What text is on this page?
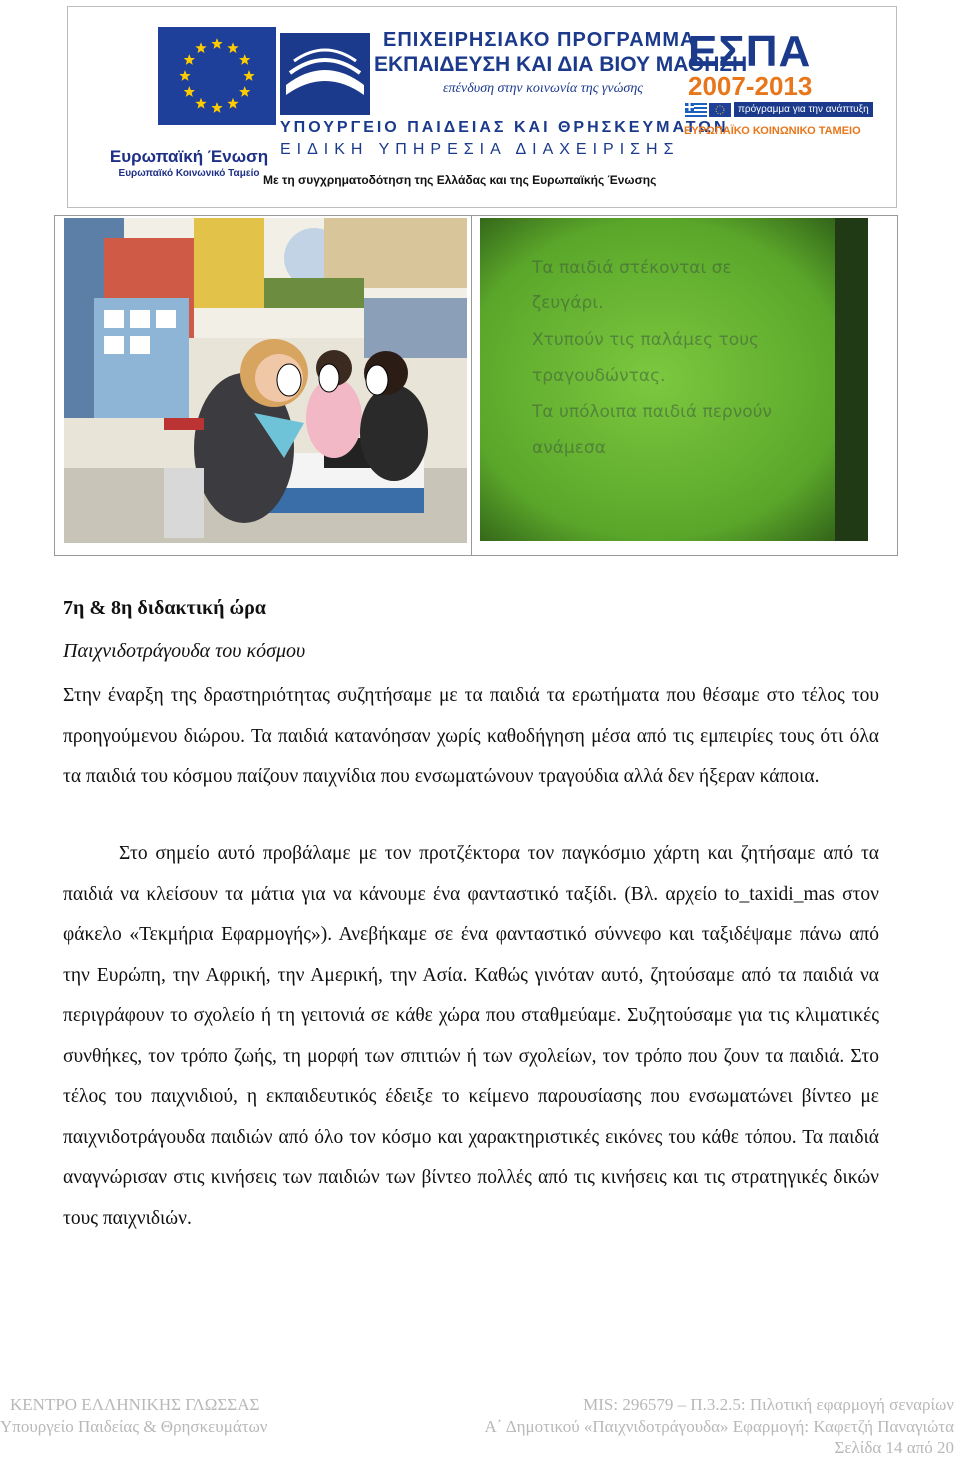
Ευρωπαϊκή Ένωση
Ευρωπαϊκό Κοινωνικό Ταμείο
ΕΠΙΧΕΙΡΗΣΙΑΚΟ ΠΡΟΓΡΑΜΜΑ
ΕΚΠΑΙΔΕΥΣΗ ΚΑΙ ΔΙΑ ΒΙΟΥ ΜΑΘΗΣΗ
επένδυση στην κοινωνία της γνώσης
ΥΠΟΥΡΓΕΙΟ ΠΑΙΔΕΙΑΣ ΚΑΙ ΘΡΗΣΚΕΥΜΑΤΩΝ
ΕΙΔΙΚΗ ΥΠΗΡΕΣΙΑ ΔΙΑΧΕΙΡΙΣΗΣ
Με τη συγχρηματοδότηση της Ελλάδας και της Ευρωπαϊκής Ένωσης
ΕΣΠΑ
2007-2013
πρόγραμμα για την ανάπτυξη
ΕΥΡΩΠΑΪΚΟ ΚΟΙΝΩΝΙΚΟ ΤΑΜΕΙΟ
Τα παιδιά στέκονται σε
ζευγάρι.
Χτυπούν τις παλάμες τους
τραγουδώντας.
Τα υπόλοιπα παιδιά περνούν
ανάμεσα
7η & 8η διδακτική ώρα
Παιχνιδοτράγουδα του κόσμου

Στην έναρξη της δραστηριότητας συζητήσαμε με τα παιδιά τα ερωτήματα που θέσαμε στο τέλος του προηγούμενου διώρου. Τα παιδιά κατανόησαν χωρίς καθοδήγηση μέσα από τις εμπειρίες τους ότι όλα τα παιδιά του κόσμου παίζουν παιχνίδια που ενσωματώνουν τραγούδια αλλά δεν ήξεραν κάποια.

Στο σημείο αυτό προβάλαμε με τον προτζέκτορα τον παγκόσμιο χάρτη και ζητήσαμε από τα παιδιά να κλείσουν τα μάτια για να κάνουμε ένα φανταστικό ταξίδι. (Βλ. αρχείο to_taxidi_mas στον φάκελο «Τεκμήρια Εφαρμογής»). Ανεβήκαμε σε ένα φανταστικό σύννεφο και ταξιδέψαμε πάνω από την Ευρώπη, την Αφρική, την Αμερική, την Ασία. Καθώς γινόταν αυτό, ζητούσαμε από τα παιδιά να περιγράφουν το σχολείο ή τη γειτονιά σε κάθε χώρα που σταθμεύαμε. Συζητούσαμε για τις κλιματικές συνθήκες, τον τρόπο ζωής, τη μορφή των σπιτιών ή των σχολείων, τον τρόπο που ζουν τα παιδιά. Στο τέλος του παιχνιδιού, η εκπαιδευτικός έδειξε το κείμενο παρουσίασης που ενσωματώνει βίντεο με παιχνιδοτράγουδα παιδιών από όλο τον κόσμο και χαρακτηριστικές εικόνες του κάθε τόπου. Τα παιδιά αναγνώρισαν στις κινήσεις των παιδιών των βίντεο πολλές από τις κινήσεις και τις στρατηγικές δικών τους παιχνιδιών.

ΚΕΝΤΡΟ ΕΛΛΗΝΙΚΗΣ ΓΛΩΣΣΑΣ
Υπουργείο Παιδείας & Θρησκευμάτων
MIS: 296579 – Π.3.2.5: Πιλοτική εφαρμογή σεναρίων
Α΄ Δημοτικού «Παιχνιδοτράγουδα» Εφαρμογή: Καφετζή Παναγιώτα
Σελίδα 14 από 20
